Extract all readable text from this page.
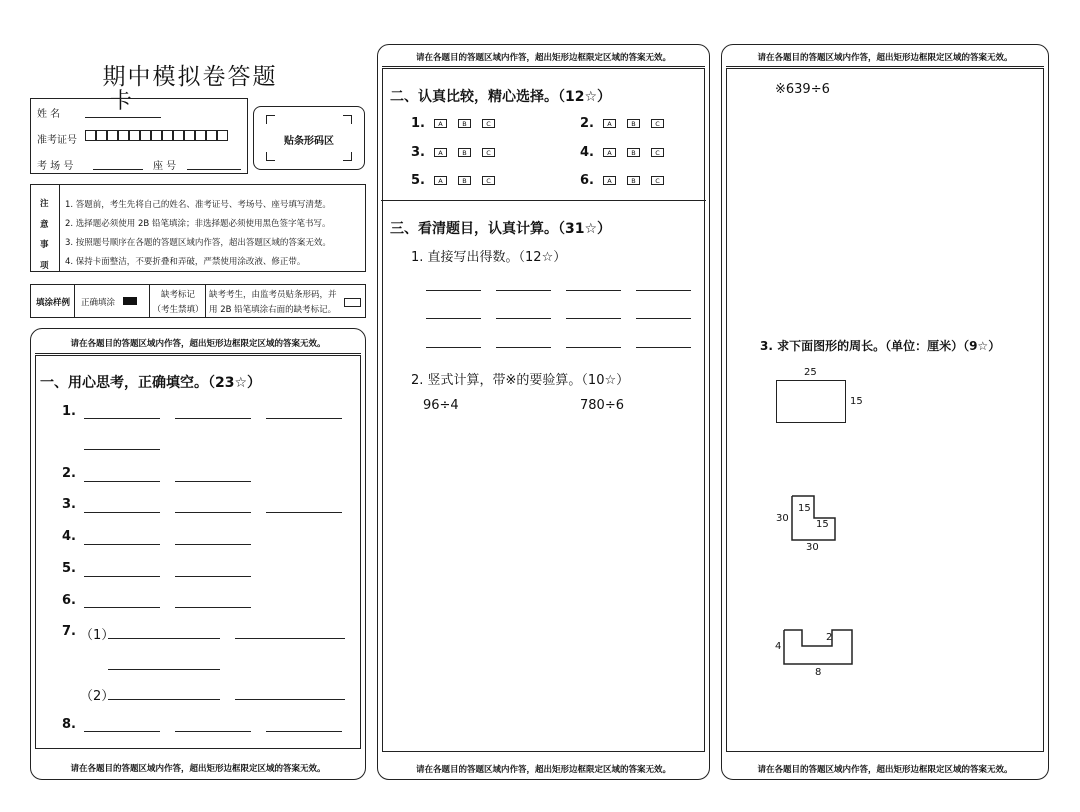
期中模拟卷答题
卡
姓 名
准考证号
考 场 号	座 号
贴条形码区
注
意
事
项
1. 答题前，考生先将自己的姓名、准考证号、考场号、座号填写清楚。
2. 选择题必须使用 2B 铅笔填涂；非选择题必须使用黑色签字笔书写。
3. 按照题号顺序在各题的答题区域内作答，超出答题区域的答案无效。
4. 保持卡面整洁，不要折叠和弄破，严禁使用涂改液、修正带。
填涂样例 正确填涂
缺考标记
（考生禁填）
缺考考生，由监考员贴条形码，并
用 2B 铅笔填涂右面的缺考标记。
请在各题目的答题区域内作答，超出矩形边框限定区域的答案无效。
请在各题目的答题区域内作答，超出矩形边框限定区域的答案无效。
一、用心思考，正确填空。（23☆）
1.
2.
3.
4.
5.
6.
7. （1）
（2）
8.
请在各题目的答题区域内作答，超出矩形边框限定区域的答案无效。
请在各题目的答题区域内作答，超出矩形边框限定区域的答案无效。
二、认真比较，精心选择。（12☆）
1.	A	B	C	2.	A	B	C
3.	A	B	C	4.	A	B	C
5.	A	B	C	6.	A	B	C
三、看清题目，认真计算。（31☆）
1. 直接写出得数。（12☆）
2. 竖式计算，带※的要验算。（10☆）
96÷4	780÷6
请在各题目的答题区域内作答，超出矩形边框限定区域的答案无效。
请在各题目的答题区域内作答，超出矩形边框限定区域的答案无效。
※639÷6
3. 求下面图形的周长。（单位：厘米）（9☆）
25
15
30
15
15
30
4
2
8
